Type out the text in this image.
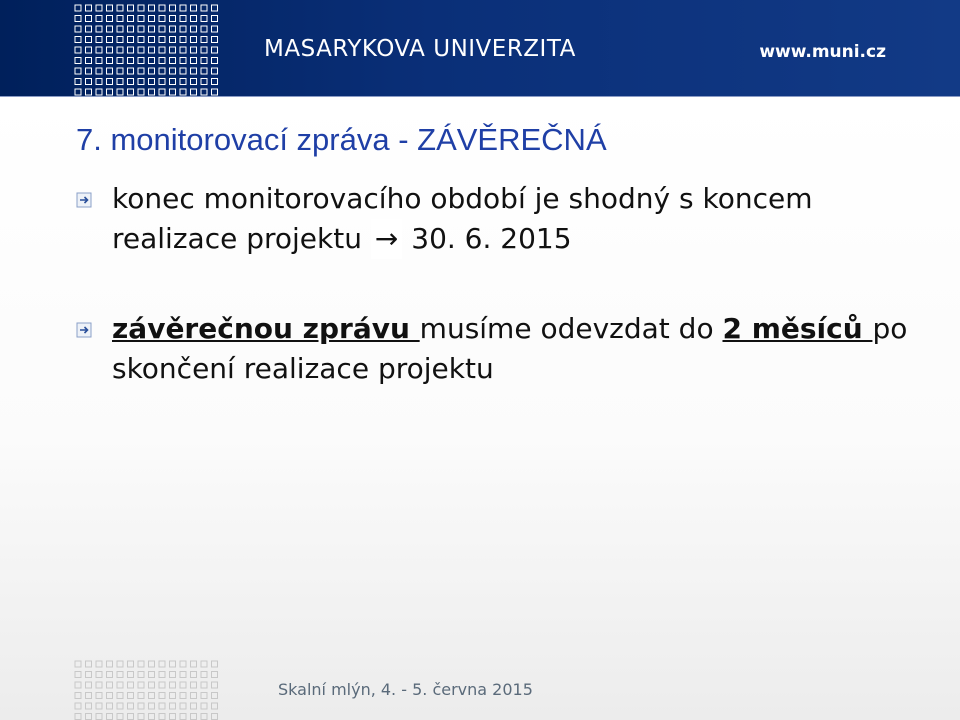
MASARYKOVA UNIVERZITA	www.muni.cz
7. monitorovací zpráva - ZÁVĚREČNÁ
konec monitorovacího období je shodný s koncem
realizace projektu → 30. 6. 2015
závěrečnou zprávu musíme odevzdat do 2 měsíců po
skončení realizace projektu
Skalní mlýn, 4. - 5. června 2015
